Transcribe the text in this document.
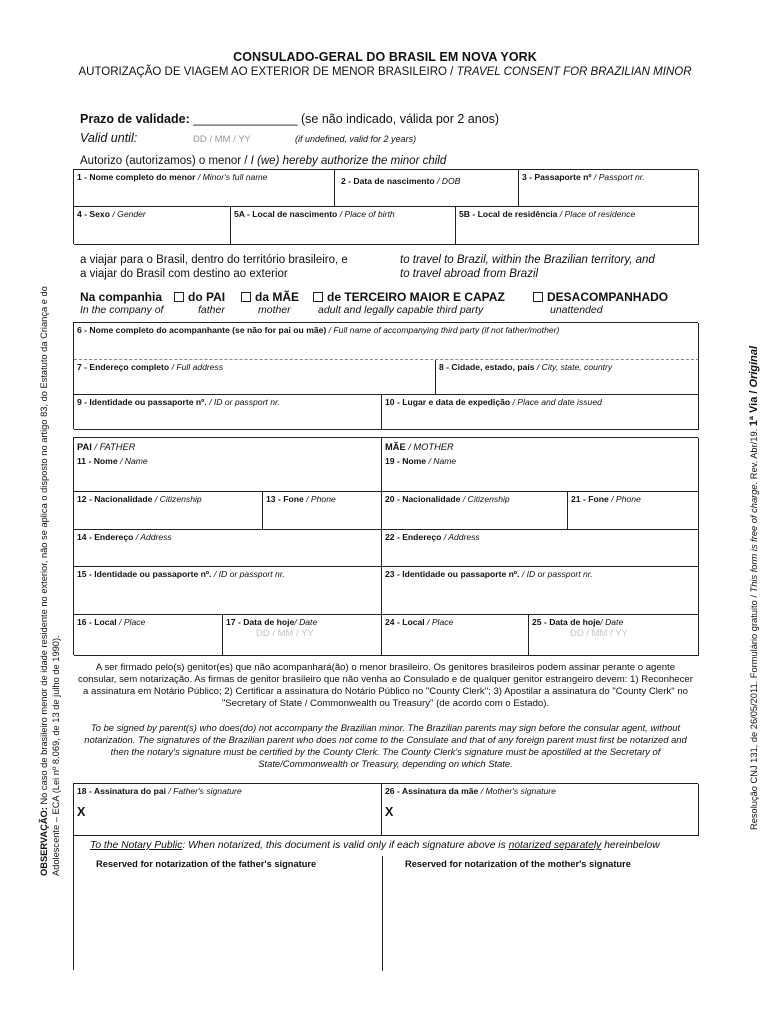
CONSULADO-GERAL DO BRASIL EM NOVA YORK
AUTORIZAÇÃO DE VIAGEM AO EXTERIOR DE MENOR BRASILEIRO / TRAVEL CONSENT FOR BRAZILIAN MINOR
Prazo de validade: _______________ (se não indicado, válida por 2 anos)
Valid until:	DD / MM / YY	(if undefined, valid for 2 years)
Autorizo (autorizamos) o menor / I (we) hereby authorize the minor child
1 - Nome completo do menor / Minor's full name	2 - Data de nascimento / DOB	3 - Passaporte nº / Passport nr.
4 - Sexo / Gender	5A - Local de nascimento / Place of birth	5B - Local de residência / Place of residence
a viajar para o Brasil, dentro do território brasileiro, e
a viajar do Brasil com destino ao exterior
to travel to Brazil, within the Brazilian territory, and
to travel abroad from Brazil
Na companhia
In the company of
do PAI
father
da MÃE
mother
de TERCEIRO MAIOR E CAPAZ
adult and legally capable third party
DESACOMPANHADO
unattended
6 - Nome completo do acompanhante (se não for pai ou mãe) / Full name of accompanying third party (if not father/mother)
7 - Endereço completo / Full address	8 - Cidade, estado, país / City, state, country
9 - Identidade ou passaporte nº. / ID or passport nr.	10 - Lugar e data de expedição / Place and date issued
PAI / FATHER
11 - Nome / Name
MÃE / MOTHER
19 - Nome / Name
12 - Nacionalidade / Citizenship	13 - Fone / Phone	20 - Nacionalidade / Citizenship	21 - Fone / Phone
14 - Endereço / Address	22 - Endereço / Address
15 - Identidade ou passaporte nº. / ID or passport nr.	23 - Identidade ou passaporte nº. / ID or passport nr.
16 - Local / Place	17 - Data de hoje/ Date
DD / MM / YY
24 - Local / Place	25 - Data de hoje/ Date
DD / MM / YY
A ser firmado pelo(s) genitor(es) que não acompanhará(ão) o menor brasileiro. Os genitores brasileiros podem assinar perante o agente consular, sem notarização. As firmas de genitor brasileiro que não venha ao Consulado e de qualquer genitor estrangeiro devem: 1) Reconhecer a assinatura em Notário Público; 2) Certificar a assinatura do Notário Público no "County Clerk"; 3) Apostilar a assinatura do "County Clerk" no "Secretary of State / Commonwealth ou Treasury" (de acordo com o Estado).
To be signed by parent(s) who does(do) not accompany the Brazilian minor. The Brazilian parents may sign before the consular agent, without notarization. The signatures of the Brazilian parent who does not come to the Consulate and that of any foreign parent must first be notarized and then the notary's signature must be certified by the County Clerk. The County Clerk's signature must be apostilled at the Secretary of State/Commonwealth or Treasury, depending on which State.
18 - Assinatura do pai / Father's signature
X
26 - Assinatura da mãe / Mother's signature
X
To the Notary Public: When notarized, this document is valid only if each signature above is notarized separately hereinbelow
Reserved for notarization of the father's signature	Reserved for notarization of the mother's signature
OBSERVAÇÃO: No caso de brasileiro menor de idade residente no exterior, não se aplica o disposto no artigo 83, do Estatuto da Criança e do Adolescente – ECA (Lei nº 8.069, de 13 de julho de 1990).	Resolução CNJ 131, de 26/05/2011. Formulário gratuito / This form is free of charge. Rev. Abr/19. 1ª Via / Original
